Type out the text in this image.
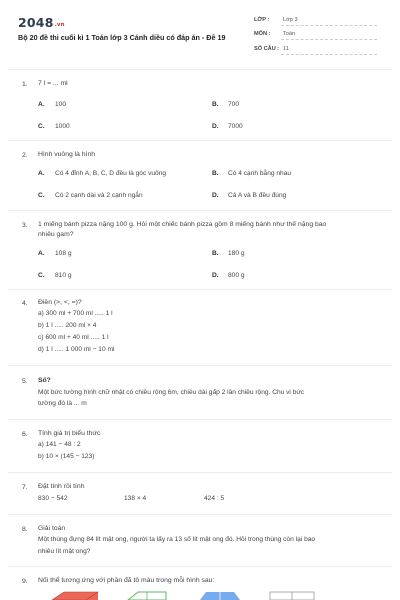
2048.vn
Bộ 20 đề thi cuối kì 1 Toán lớp 3 Cánh diều có đáp án - Đề 19
LỚP : Lớp 3
MÔN : Toán
SỐ CÂU : 11
1. 7 l = ... ml
A. 100	B. 700
C. 1000	D. 7000
2. Hình vuông là hình
A. Có 4 đỉnh A, B, C, D đều là góc vuông	B. Có 4 cạnh bằng nhau
C. Có 2 cạnh dài và 2 cạnh ngắn	D. Cả A và B đều đúng
3. 1 miếng bánh pizza nặng 100 g. Hỏi một chiếc bánh pizza gồm 8 miếng bánh như thế nặng bao
nhiêu gam?
A. 108 g	B. 180 g
C. 810 g	D. 800 g
4. Điền (>, <, =)?
a) 300 ml + 700 ml ..... 1 l
b) 1 l ..... 200 ml × 4
c) 600 ml + 40 ml ..... 1 l
d) 1 l ..... 1 000 ml − 10 ml
5. Số?
Một bức tường hình chữ nhật có chiều rộng 6m, chiều dài gấp 2 lần chiều rộng. Chu vi bức
tường đó là ... m
6. Tính giá trị biểu thức
a) 141 − 48 : 2
b) 10 × (145 − 123)
7. Đặt tính rồi tính
830 − 542	138 × 4	424 : 5
8. Giải toán
Một thùng đựng 84 lít mật ong, người ta lấy ra 13 số lít mật ong đó. Hỏi trong thùng còn lại bao
nhiêu lít mật ong?
9. Nối thể tương ứng với phần đã tô màu trong mỗi hình sau:
